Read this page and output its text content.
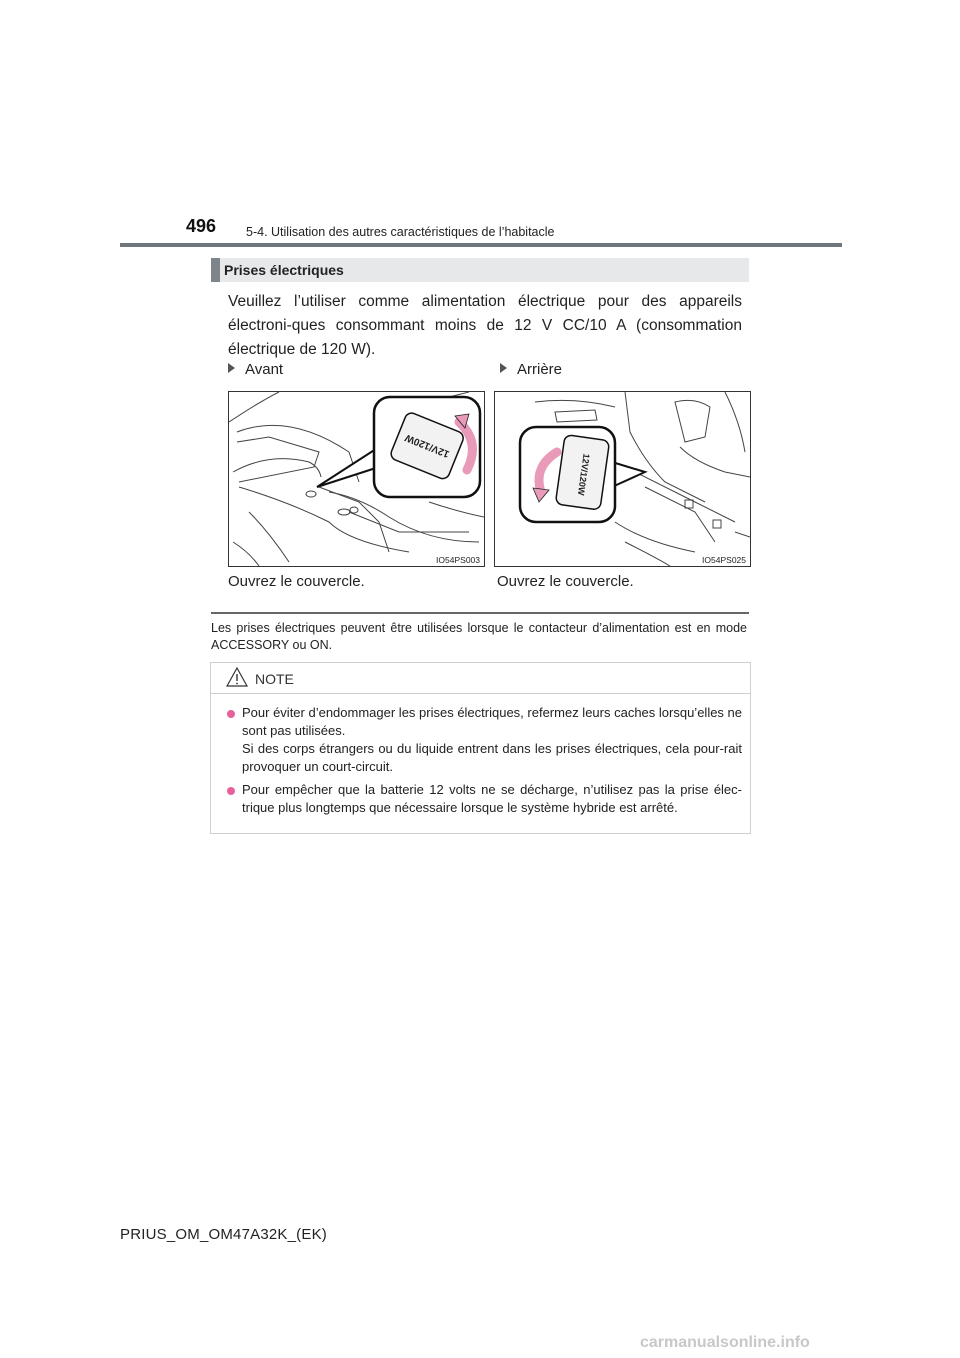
496 5-4. Utilisation des autres caractéristiques de l’habitacle
Prises électriques
Veuillez l’utiliser comme alimentation électrique pour des appareils électroni-ques consommant moins de 12 V CC/10 A (consommation électrique de 120 W).
Avant	Arrière
12V/120W
IO54PS003
12V/120W
IO54PS025
Ouvrez le couvercle.	Ouvrez le couvercle.
Les prises électriques peuvent être utilisées lorsque le contacteur d’alimentation est en mode ACCESSORY ou ON.
NOTE
Pour éviter d’endommager les prises électriques, refermez leurs caches lorsqu’elles ne sont pas utilisées.
Si des corps étrangers ou du liquide entrent dans les prises électriques, cela pour-rait provoquer un court-circuit.
Pour empêcher que la batterie 12 volts ne se décharge, n’utilisez pas la prise élec-trique plus longtemps que nécessaire lorsque le système hybride est arrêté.
PRIUS_OM_OM47A32K_(EK)
carmanualsonline.info
